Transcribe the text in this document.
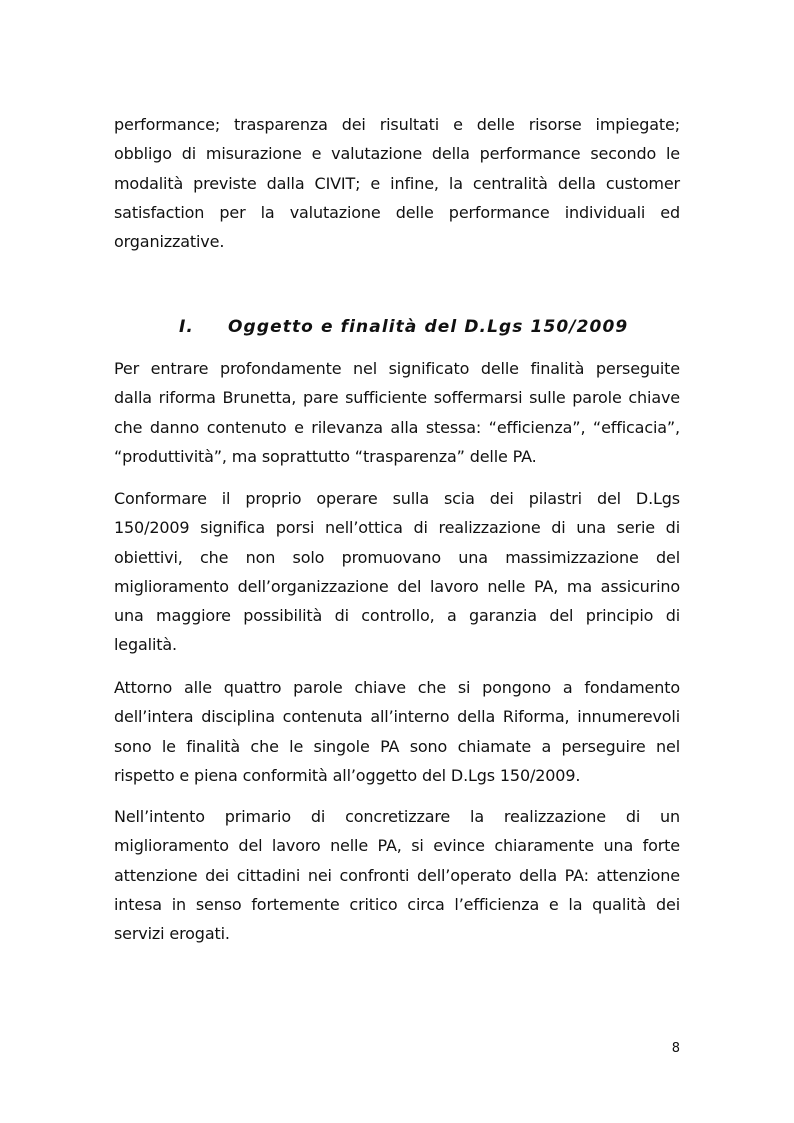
performance; trasparenza dei risultati e delle risorse impiegate;
obbligo di misurazione e valutazione della performance secondo le
modalità previste dalla CIVIT; e infine, la centralità della customer
satisfaction per la valutazione delle performance individuali ed
organizzative.
I. Oggetto e finalità del D.Lgs 150/2009
Per entrare profondamente nel significato delle finalità perseguite
dalla riforma Brunetta, pare sufficiente soffermarsi sulle parole chiave
che danno contenuto e rilevanza alla stessa: “efficienza”, “efficacia”,
“produttività”, ma soprattutto “trasparenza” delle PA.
Conformare il proprio operare sulla scia dei pilastri del D.Lgs
150/2009 significa porsi nell’ottica di realizzazione di una serie di
obiettivi, che non solo promuovano una massimizzazione del
miglioramento dell’organizzazione del lavoro nelle PA, ma assicurino
una maggiore possibilità di controllo, a garanzia del principio di
legalità.
Attorno alle quattro parole chiave che si pongono a fondamento
dell’intera disciplina contenuta all’interno della Riforma, innumerevoli
sono le finalità che le singole PA sono chiamate a perseguire nel
rispetto e piena conformità all’oggetto del D.Lgs 150/2009.
Nell’intento primario di concretizzare la realizzazione di un
miglioramento del lavoro nelle PA, si evince chiaramente una forte
attenzione dei cittadini nei confronti dell’operato della PA: attenzione
intesa in senso fortemente critico circa l’efficienza e la qualità dei
servizi erogati.
8
